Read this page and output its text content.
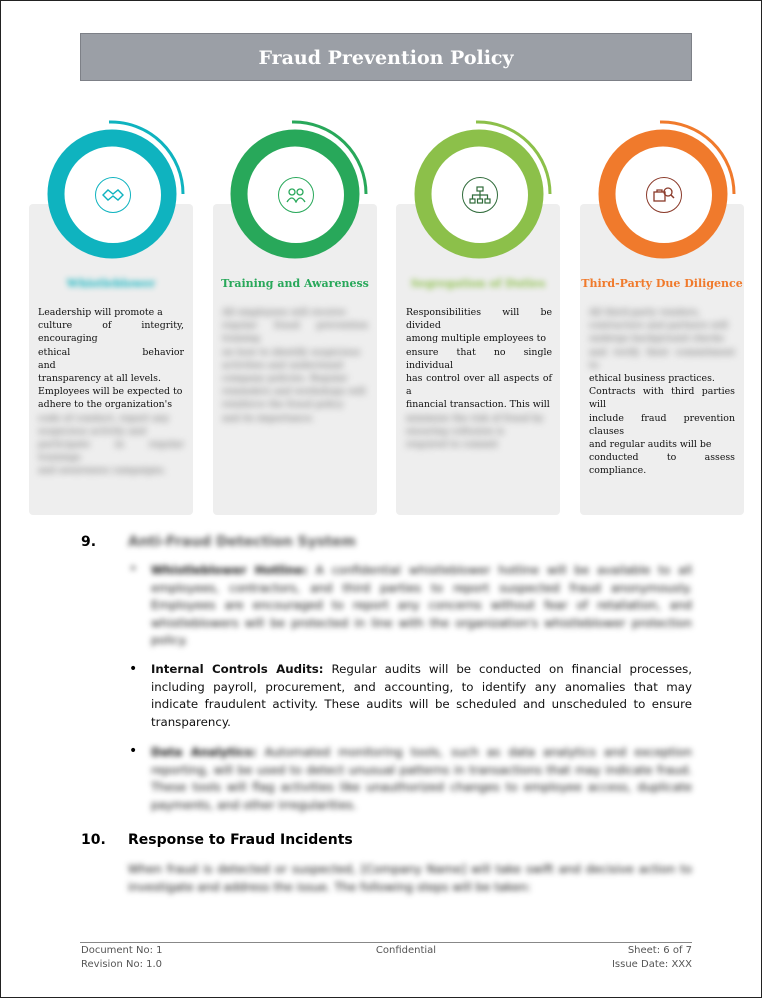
Fraud Prevention Policy
Whistleblower
Leadership will promote a
culture of integrity, encouraging
ethical behavior and
transparency at all levels.
Employees will be expected to
adhere to the organization's
code of conduct, report any
suspicious activity and
participate in regular trainings
and awareness campaigns.
Training and Awareness
All employees will receive
regular fraud prevention training
on how to identify suspicious
activities and understand
company policies. Regular
reminders and workshops will
reinforce the fraud policy
and its importance.
Segregation of Duties
Responsibilities will be divided
among multiple employees to
ensure that no single individual
has control over all aspects of a
financial transaction. This will
minimize the risk of fraud by
ensuring collusion is
required to commit
Third-Party Due Diligence
All third-party vendors,
contractors and partners will
undergo background checks
and verify their commitment to
ethical business practices.
Contracts with third parties will
include fraud prevention clauses
and regular audits will be
conducted to assess compliance.
9. Anti-Fraud Detection System
• Whistleblower Hotline: A confidential whistleblower hotline will be available to all employees, contractors, and third parties to report suspected fraud anonymously. Employees are encouraged to report any concerns without fear of retaliation, and whistleblowers will be protected in line with the organization's whistleblower protection policy.
• Internal Controls Audits: Regular audits will be conducted on financial processes, including payroll, procurement, and accounting, to identify any anomalies that may indicate fraudulent activity. These audits will be scheduled and unscheduled to ensure transparency.
• Data Analytics: Automated monitoring tools, such as data analytics and exception reporting, will be used to detect unusual patterns in transactions that may indicate fraud. These tools will flag activities like unauthorized changes to employee access, duplicate payments, and other irregularities.
10. Response to Fraud Incidents
When fraud is detected or suspected, [Company Name] will take swift and decisive action to investigate and address the issue. The following steps will be taken:
Document No: 1
Revision No: 1.0
Confidential	Sheet: 6 of 7
Issue Date: XXX
